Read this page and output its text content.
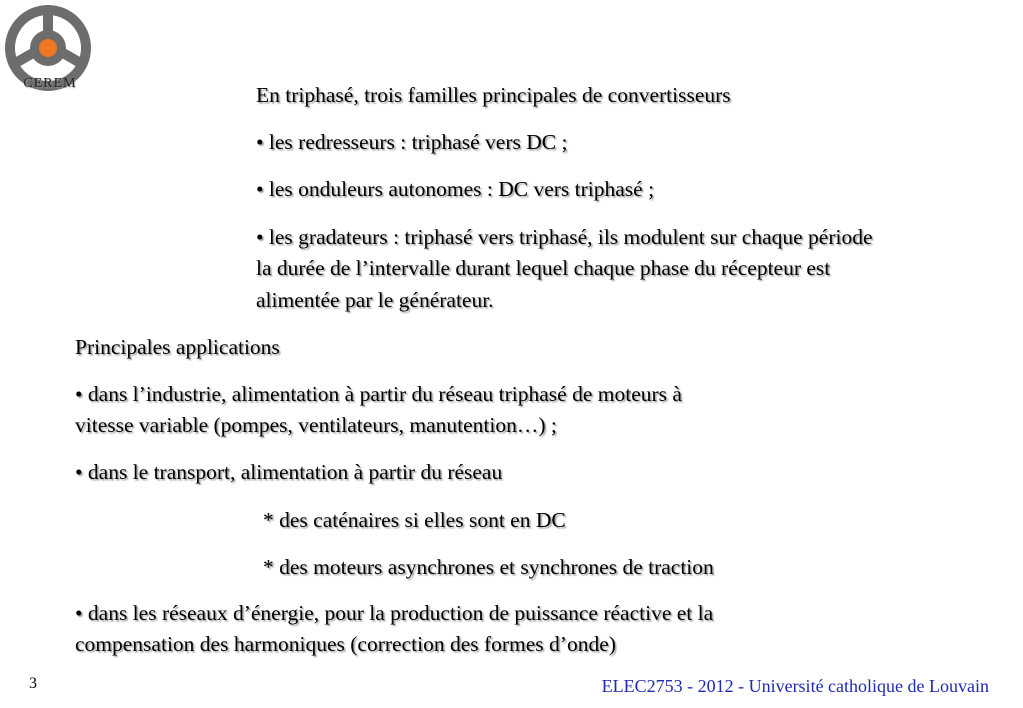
CEREM	En triphasé, trois familles principales de convertisseurs

• les redresseurs : triphasé vers DC ;

• les onduleurs autonomes : DC vers triphasé ;

• les gradateurs : triphasé vers triphasé, ils modulent sur chaque période

la durée de l’intervalle durant lequel chaque phase du récepteur est

alimentée par le générateur.

Principales applications

• dans l’industrie, alimentation à partir du réseau triphasé de moteurs à

vitesse variable (pompes, ventilateurs, manutention…) ;

• dans le transport, alimentation à partir du réseau

* des caténaires si elles sont en DC

* des moteurs asynchrones et synchrones de traction

• dans les réseaux d’énergie, pour la production de puissance réactive et la

compensation des harmoniques (correction des formes d’onde)

3	ELEC2753 - 2012 - Université catholique de Louvain
